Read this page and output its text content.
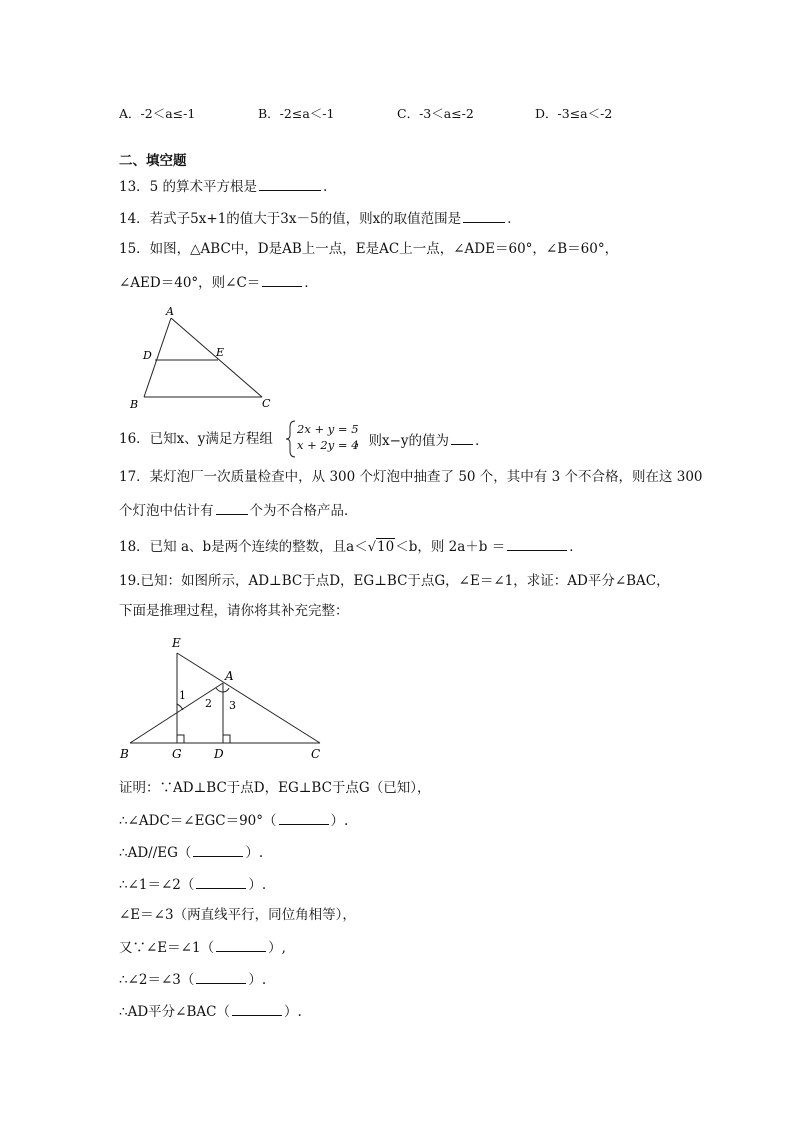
A．-2＜a≤-1	B．-2≤a＜-1	C．-3＜a≤-2	D．-3≤a＜-2
二、填空题
13．5 的算术平方根是	．
14．若式子5x+1的值大于3x－5的值，则x的取值范围是	．
15．如图，△ABC中，D是AB上一点，E是AC上一点，∠ADE＝60°，∠B＝60°，
∠AED＝40°，则∠C＝	．
A
D	E
B	C
16．已知x、y满足方程组
2x + y = 5
x + 2y = 4
，则x−y的值为 ．
17．某灯泡厂一次质量检查中，从 300 个灯泡中抽查了 50 个，其中有 3 个不合格，则在这 300
个灯泡中估计有	个为不合格产品．
18．已知 a、b是两个连续的整数，且a＜√10＜b，则 2a＋b ＝	．
19.已知：如图所示，AD⊥BC于点D，EG⊥BC于点G，∠E＝∠1，求证：AD平分∠BAC，
下面是推理过程，请你将其补充完整：
E
A
1
2 3
B	G	D	C
证明：∵AD⊥BC于点D，EG⊥BC于点G（已知），
∴∠ADC＝∠EGC＝90°（	）.
∴AD//EG（	）.
∴∠1＝∠2（	）.
∠E＝∠3（两直线平行，同位角相等），
又∵∠E＝∠1（	）,
∴∠2＝∠3（	）.
∴AD平分∠BAC（	）.
